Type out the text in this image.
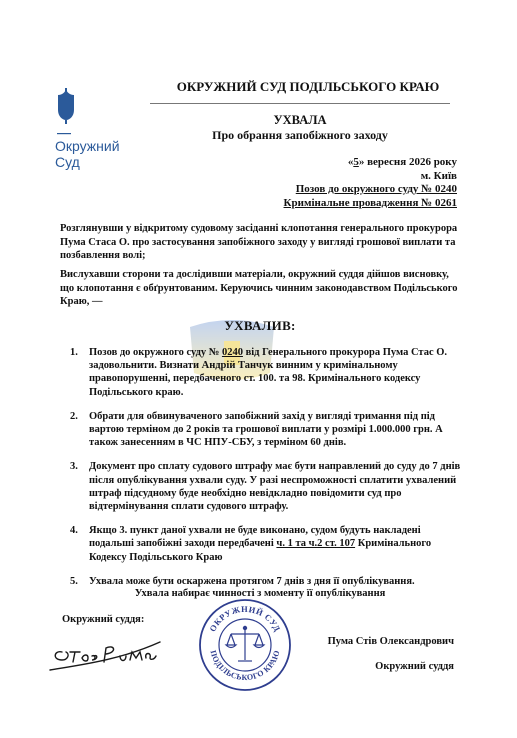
Окружний
Суд
ОКРУЖНИЙ СУД ПОДІЛЬСЬКОГО КРАЮ
УХВАЛА
Про обрання запобіжного заходу
«5» вересня 2026 року
м. Київ
Позов до окружного суду № 0240
Кримінальне провадження № 0261
Розглянувши у відкритому судовому засіданні клопотання генерального прокурора Пума Стаса О. про застосування запобіжного заходу у вигляді грошової виплати та позбавлення волі;
Вислухавши сторони та дослідивши матеріали, окружний суддя дійшов висновку, що клопотання є обґрунтованим. Керуючись чинним законодавством Подільського Краю, —
УХВАЛИВ:
1. Позов до окружного суду № 0240 від Генерального прокурора Пума Стас О. задовольнити. Визнати Андрій Танчук винним у кримінальному правопорушенні, передбаченого ст. 100. та 98. Кримінального кодексу Подільського краю.
2. Обрати для обвинуваченого запобіжний захід у вигляді тримання під під вартою терміном до 2 років та грошової виплати у розмірі 1.000.000 грн. А також занесенням в ЧС НПУ-СБУ, з терміном 60 днів.
3. Документ про сплату судового штрафу має бути направлений до суду до 7 днів після опублікування ухвали суду. У разі неспроможності сплатити ухвалений штраф підсудному буде необхідно невідкладно повідомити суд про відтермінування сплати судового штрафу.
4. Якщо 3. пункт даної ухвали не буде виконано, судом будуть накладені подальші запобіжні заходи передбачені ч. 1 та ч.2 ст. 107 Кримінального Кодексу Подільського Краю
5. Ухвала може бути оскаржена протягом 7 днів з дня її опублікування.
Ухвала набирає чинності з моменту її опублікування
Окружний суддя:
ОКРУЖНИЙ СУД
ПОДІЛЬСЬКОГО КРАЮ
Пума Стів Олександрович
Окружний суддя
